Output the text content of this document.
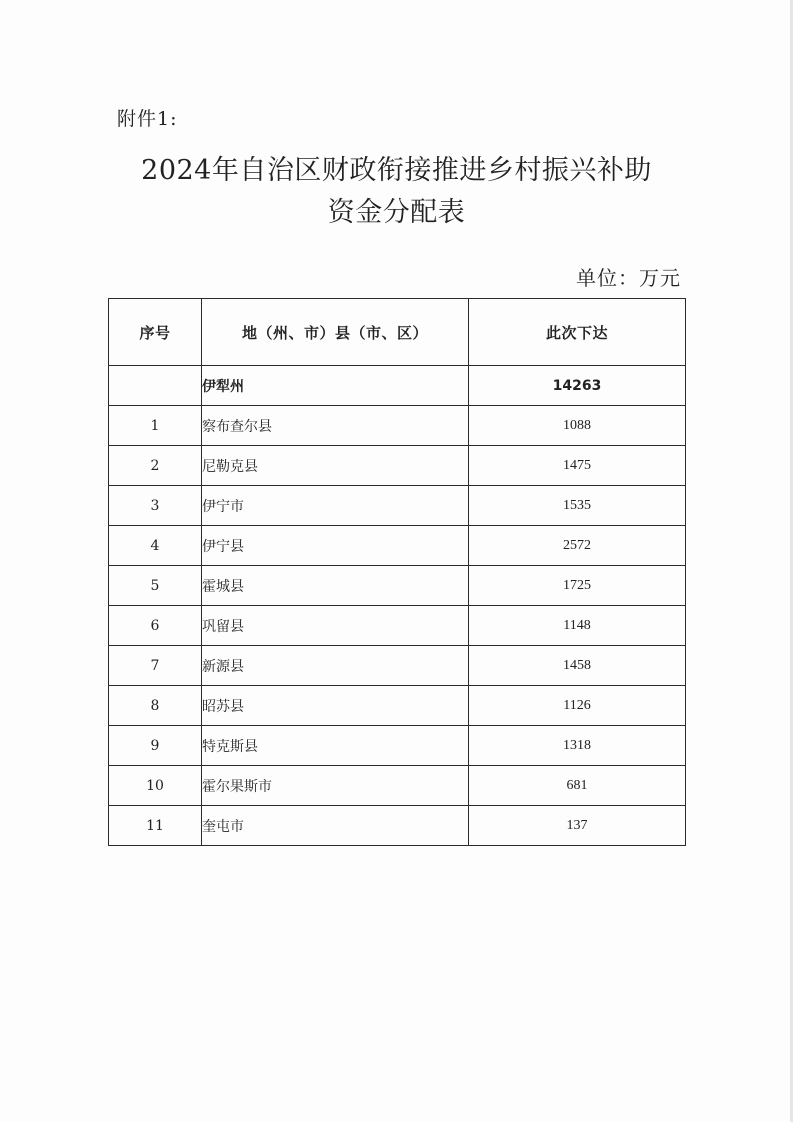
附件1:
2024年自治区财政衔接推进乡村振兴补助
资金分配表
单位：万元
序号	地（州、市）县（市、区）	此次下达
	伊犁州	14263
1	察布查尔县	1088
2	尼勒克县	1475
3	伊宁市	1535
4	伊宁县	2572
5	霍城县	1725
6	巩留县	1148
7	新源县	1458
8	昭苏县	1126
9	特克斯县	1318
10	霍尔果斯市	681
11	奎屯市	137
